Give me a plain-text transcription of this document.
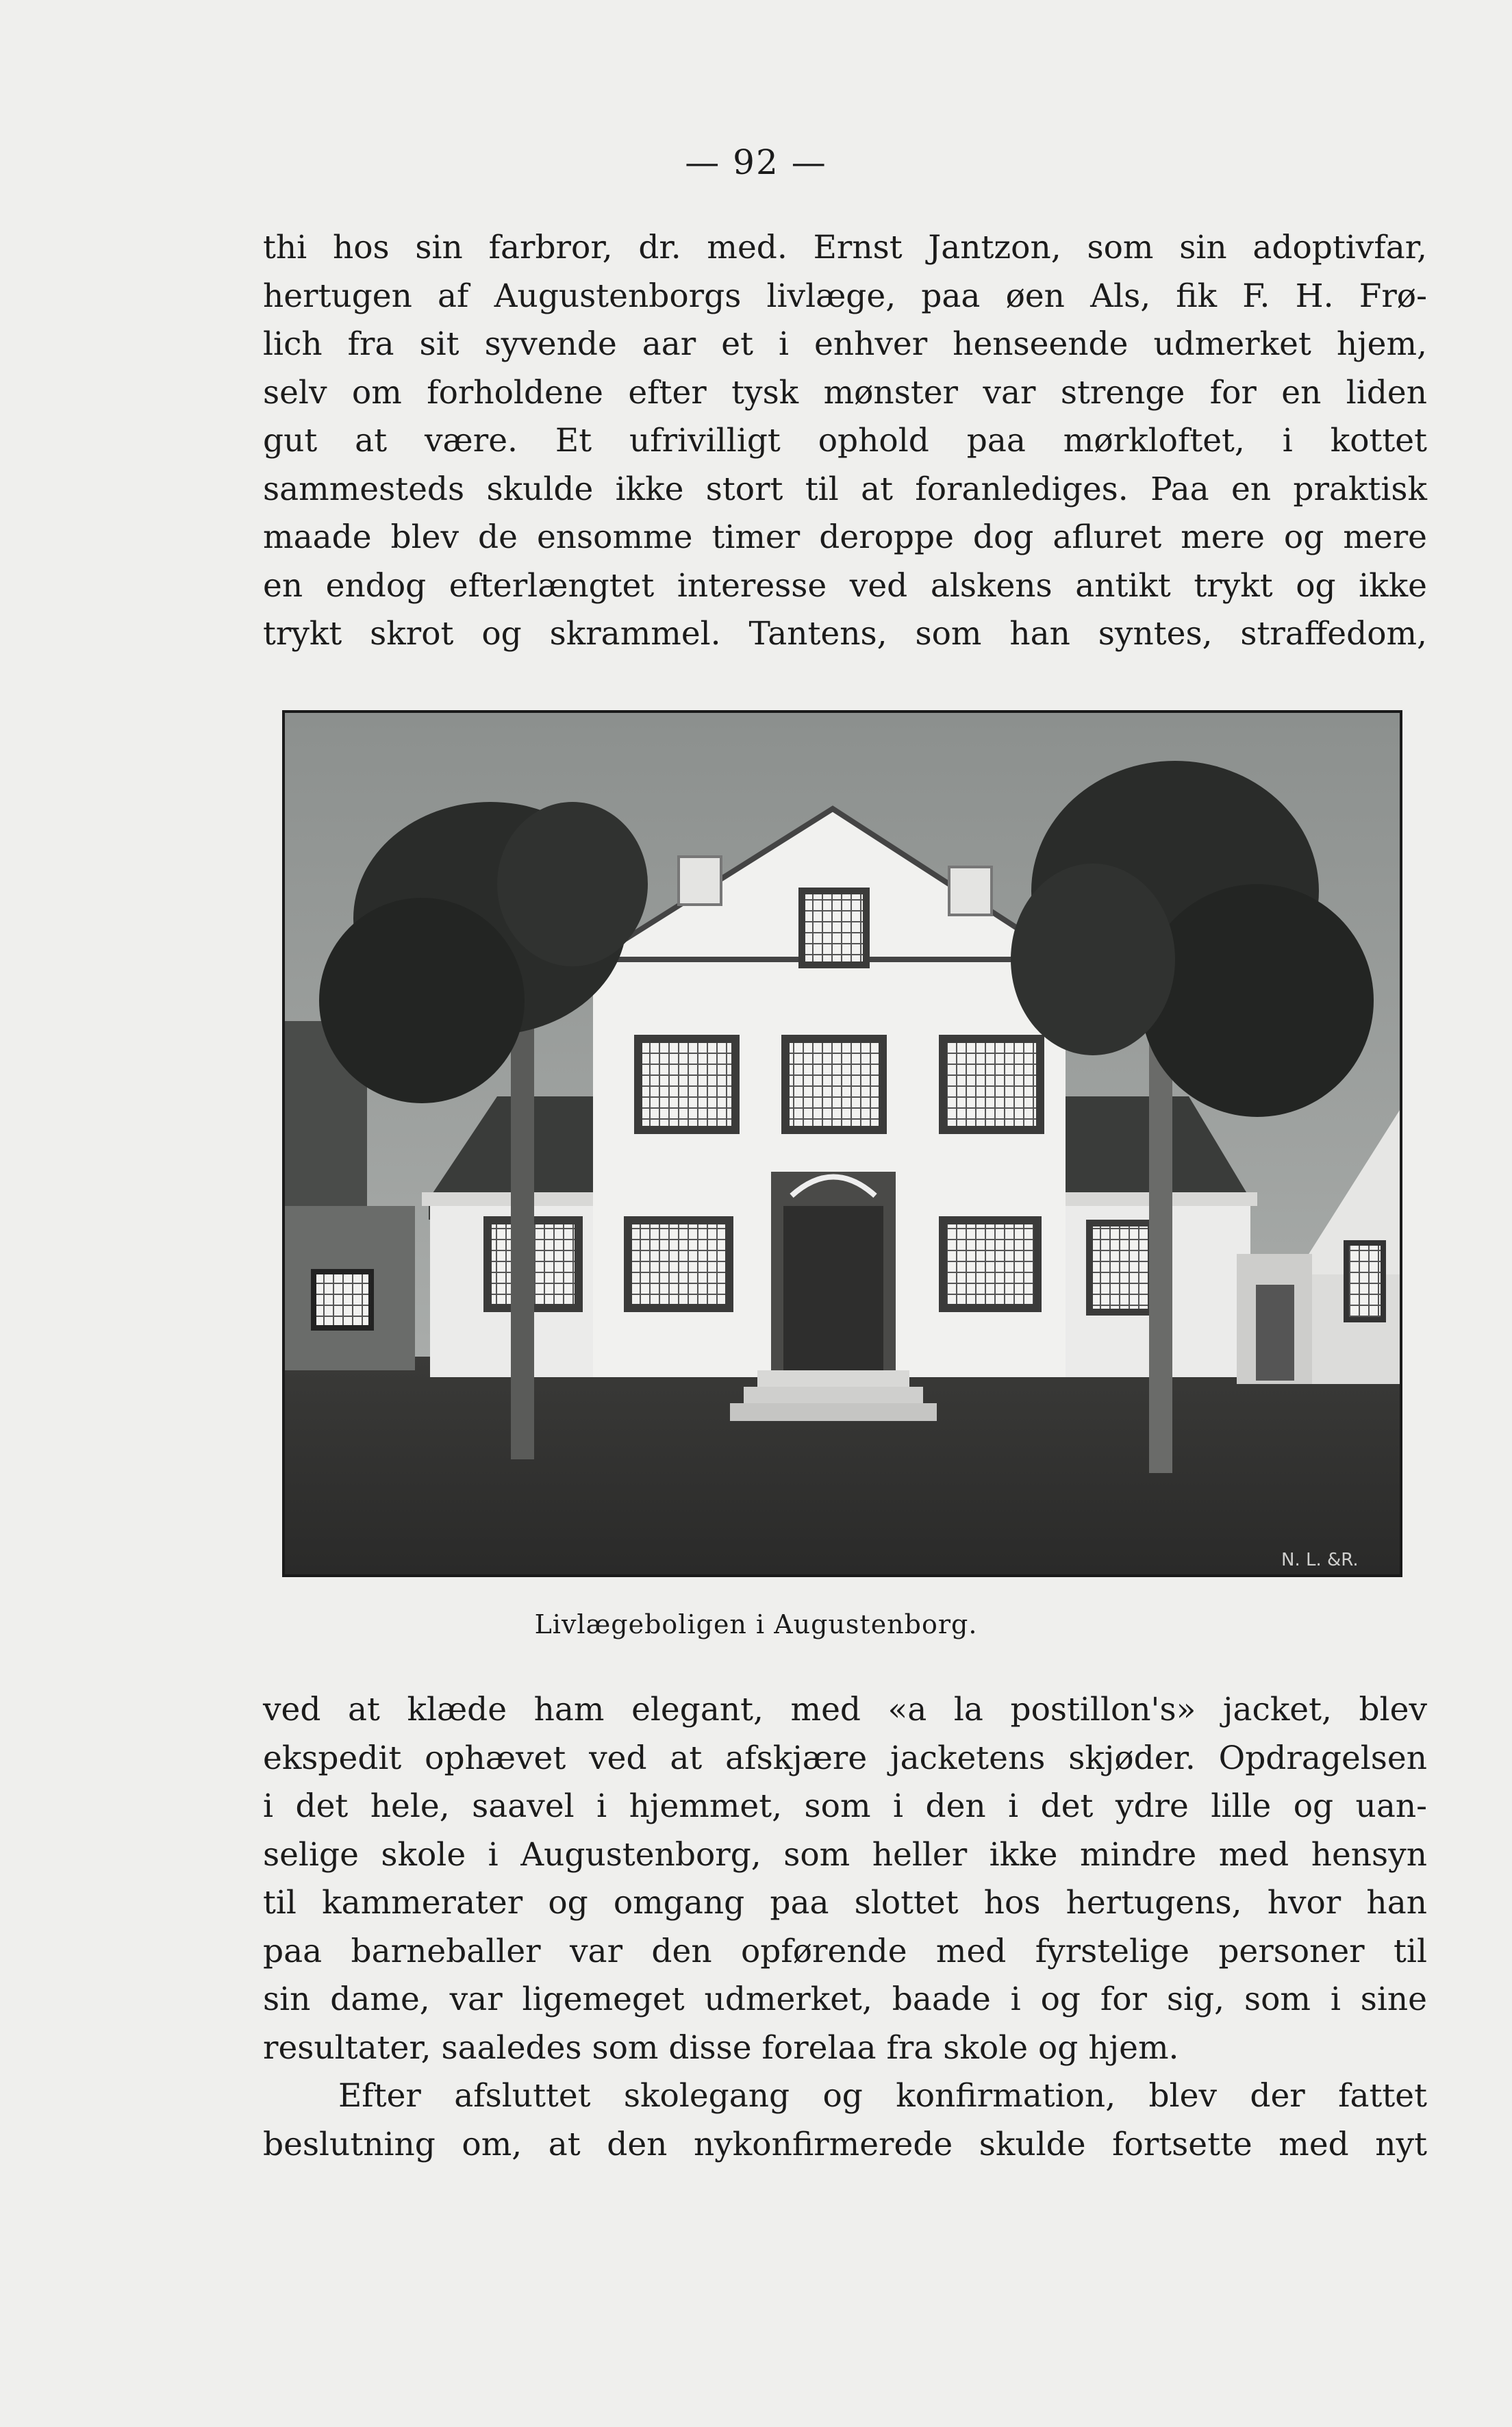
— 92 —
thi hos sin farbror, dr. med. Ernst Jantzon, som sin adoptivfar,
hertugen af Augustenborgs livlæge, paa øen Als, fik F. H. Frø-
lich fra sit syvende aar et i enhver henseende udmerket hjem,
selv om forholdene efter tysk mønster var strenge for en liden
gut at være. Et ufrivilligt ophold paa mørkloftet, i kottet
sammesteds skulde ikke stort til at foranlediges. Paa en praktisk
maade blev de ensomme timer deroppe dog afluret mere og mere
en endog efterlængtet interesse ved alskens antikt trykt og ikke
trykt skrot og skrammel. Tantens, som han syntes, straffedom,
N. L. &R.
Livlægeboligen i Augustenborg.
ved at klæde ham elegant, med «a la postillon's» jacket, blev
ekspedit ophævet ved at afskjære jacketens skjøder. Opdragelsen
i det hele, saavel i hjemmet, som i den i det ydre lille og uan-
selige skole i Augustenborg, som heller ikke mindre med hensyn
til kammerater og omgang paa slottet hos hertugens, hvor han
paa barneballer var den opførende med fyrstelige personer til
sin dame, var ligemeget udmerket, baade i og for sig, som i sine
resultater, saaledes som disse forelaa fra skole og hjem.
Efter afsluttet skolegang og konfirmation, blev der fattet
beslutning om, at den nykonfirmerede skulde fortsette med nyt
